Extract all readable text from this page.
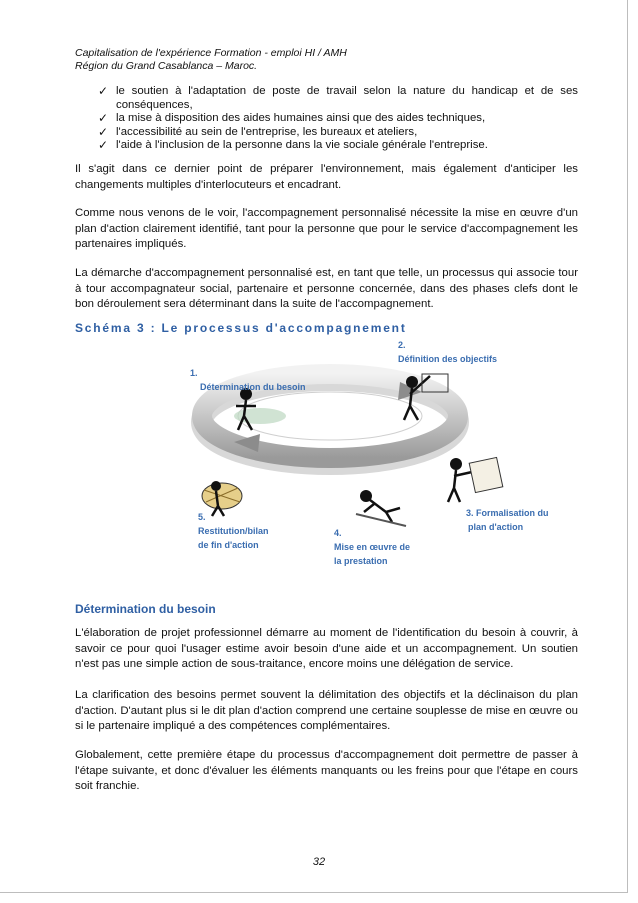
Capitalisation de l'expérience Formation - emploi HI / AMH
Région du Grand Casablanca – Maroc.
✓ le soutien à l'adaptation de poste de travail selon la nature du handicap et de ses conséquences,
✓ la mise à disposition des aides humaines ainsi que des aides techniques,
✓ l'accessibilité au sein de l'entreprise, les bureaux et ateliers,
✓ l'aide à l'inclusion de la personne dans la vie sociale générale l'entreprise.
Il s'agit dans ce dernier point de préparer l'environnement, mais également d'anticiper les changements multiples d'interlocuteurs et encadrant.
Comme nous venons de le voir, l'accompagnement personnalisé nécessite la mise en œuvre d'un plan d'action clairement identifié, tant pour la personne que pour le service d'accompagnement les partenaires impliqués.
La démarche d'accompagnement personnalisé est, en tant que telle, un processus qui associe tour à tour accompagnateur social, partenaire et personne concernée, dans des phases clefs dont le bon déroulement sera déterminant dans la suite de l'accompagnement.
Schéma 3 : Le processus d'accompagnement
1.
Détermination du besoin
2.
Définition des objectifs
3. Formalisation du
plan d'action
4.
Mise en œuvre de
la prestation
5.
Restitution/bilan
de fin d'action
Détermination du besoin
L'élaboration de projet professionnel démarre au moment de l'identification du besoin à couvrir, à savoir ce pour quoi l'usager estime avoir besoin d'une aide et un accompagnement. Un soutien n'est pas une simple action de sous-traitance, encore moins une délégation de service.
La clarification des besoins permet souvent la délimitation des objectifs et la déclinaison du plan d'action. D'autant plus si le dit plan d'action comprend une certaine souplesse de mise en œuvre ou si le partenaire impliqué a des compétences complémentaires.
Globalement, cette première étape du processus d'accompagnement doit permettre de passer à l'étape suivante, et donc d'évaluer les éléments manquants ou les freins pour que l'étape en cours soit franchie.
32
